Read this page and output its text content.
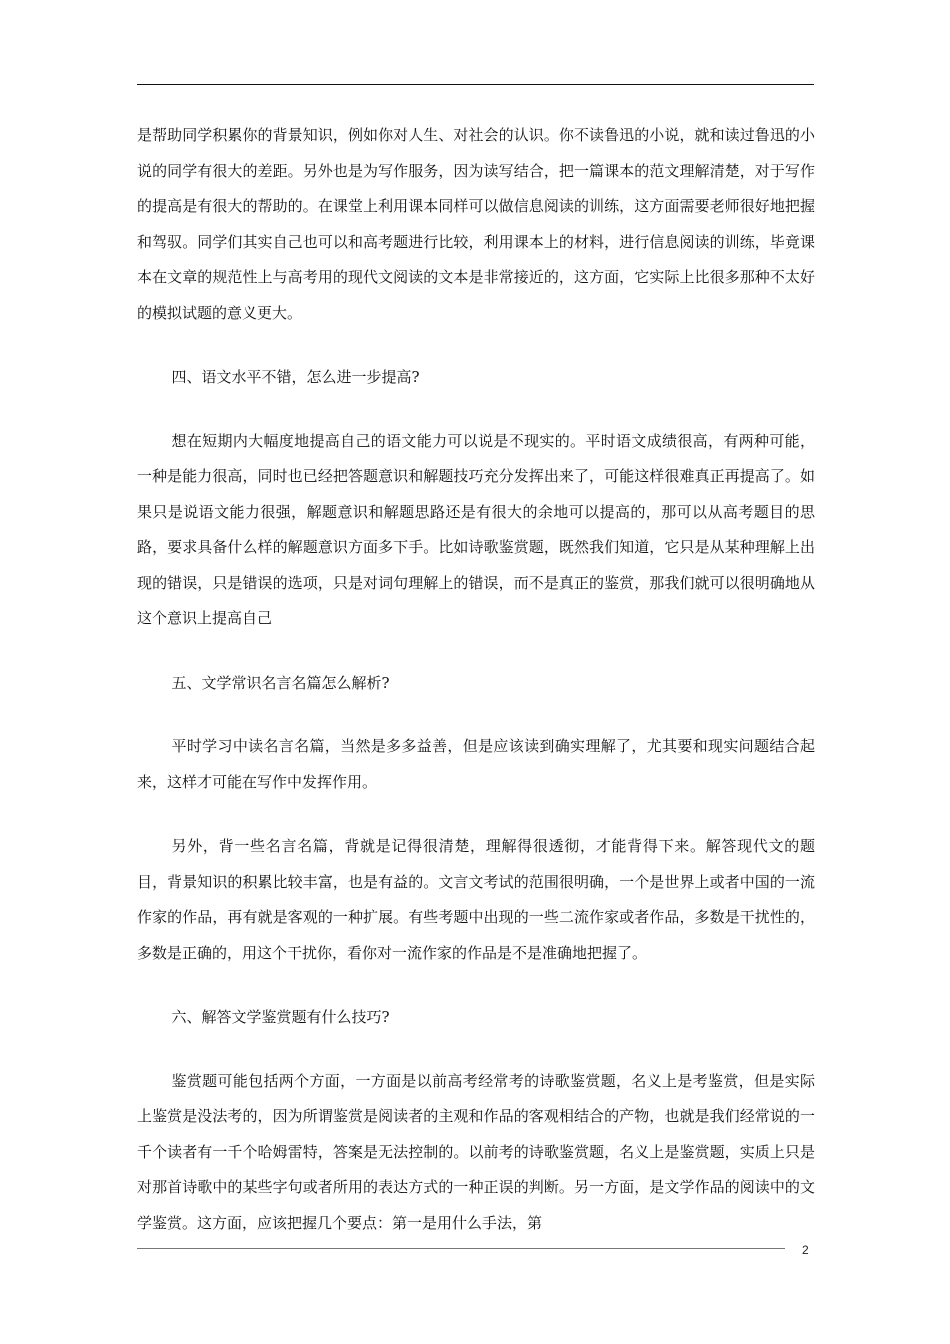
是帮助同学积累你的背景知识，例如你对人生、对社会的认识。你不读鲁迅的小说，就和读过鲁迅的小说的同学有很大的差距。另外也是为写作服务，因为读写结合，把一篇课本的范文理解清楚，对于写作的提高是有很大的帮助的。在课堂上利用课本同样可以做信息阅读的训练，这方面需要老师很好地把握和驾驭。同学们其实自己也可以和高考题进行比较，利用课本上的材料，进行信息阅读的训练，毕竟课本在文章的规范性上与高考用的现代文阅读的文本是非常接近的，这方面，它实际上比很多那种不太好的模拟试题的意义更大。

四、语文水平不错，怎么进一步提高?

想在短期内大幅度地提高自己的语文能力可以说是不现实的。平时语文成绩很高，有两种可能，一种是能力很高，同时也已经把答题意识和解题技巧充分发挥出来了，可能这样很难真正再提高了。如果只是说语文能力很强，解题意识和解题思路还是有很大的余地可以提高的，那可以从高考题目的思路，要求具备什么样的解题意识方面多下手。比如诗歌鉴赏题，既然我们知道，它只是从某种理解上出现的错误，只是错误的选项，只是对词句理解上的错误，而不是真正的鉴赏，那我们就可以很明确地从这个意识上提高自己

五、文学常识名言名篇怎么解析?

平时学习中读名言名篇，当然是多多益善，但是应该读到确实理解了，尤其要和现实问题结合起来，这样才可能在写作中发挥作用。

另外，背一些名言名篇，背就是记得很清楚，理解得很透彻，才能背得下来。解答现代文的题目，背景知识的积累比较丰富，也是有益的。文言文考试的范围很明确，一个是世界上或者中国的一流作家的作品，再有就是客观的一种扩展。有些考题中出现的一些二流作家或者作品，多数是干扰性的，多数是正确的，用这个干扰你，看你对一流作家的作品是不是准确地把握了。

六、解答文学鉴赏题有什么技巧?

鉴赏题可能包括两个方面，一方面是以前高考经常考的诗歌鉴赏题，名义上是考鉴赏，但是实际上鉴赏是没法考的，因为所谓鉴赏是阅读者的主观和作品的客观相结合的产物，也就是我们经常说的一千个读者有一千个哈姆雷特，答案是无法控制的。以前考的诗歌鉴赏题，名义上是鉴赏题，实质上只是对那首诗歌中的某些字句或者所用的表达方式的一种正误的判断。另一方面，是文学作品的阅读中的文学鉴赏。这方面，应该把握几个要点：第一是用什么手法，第

2
